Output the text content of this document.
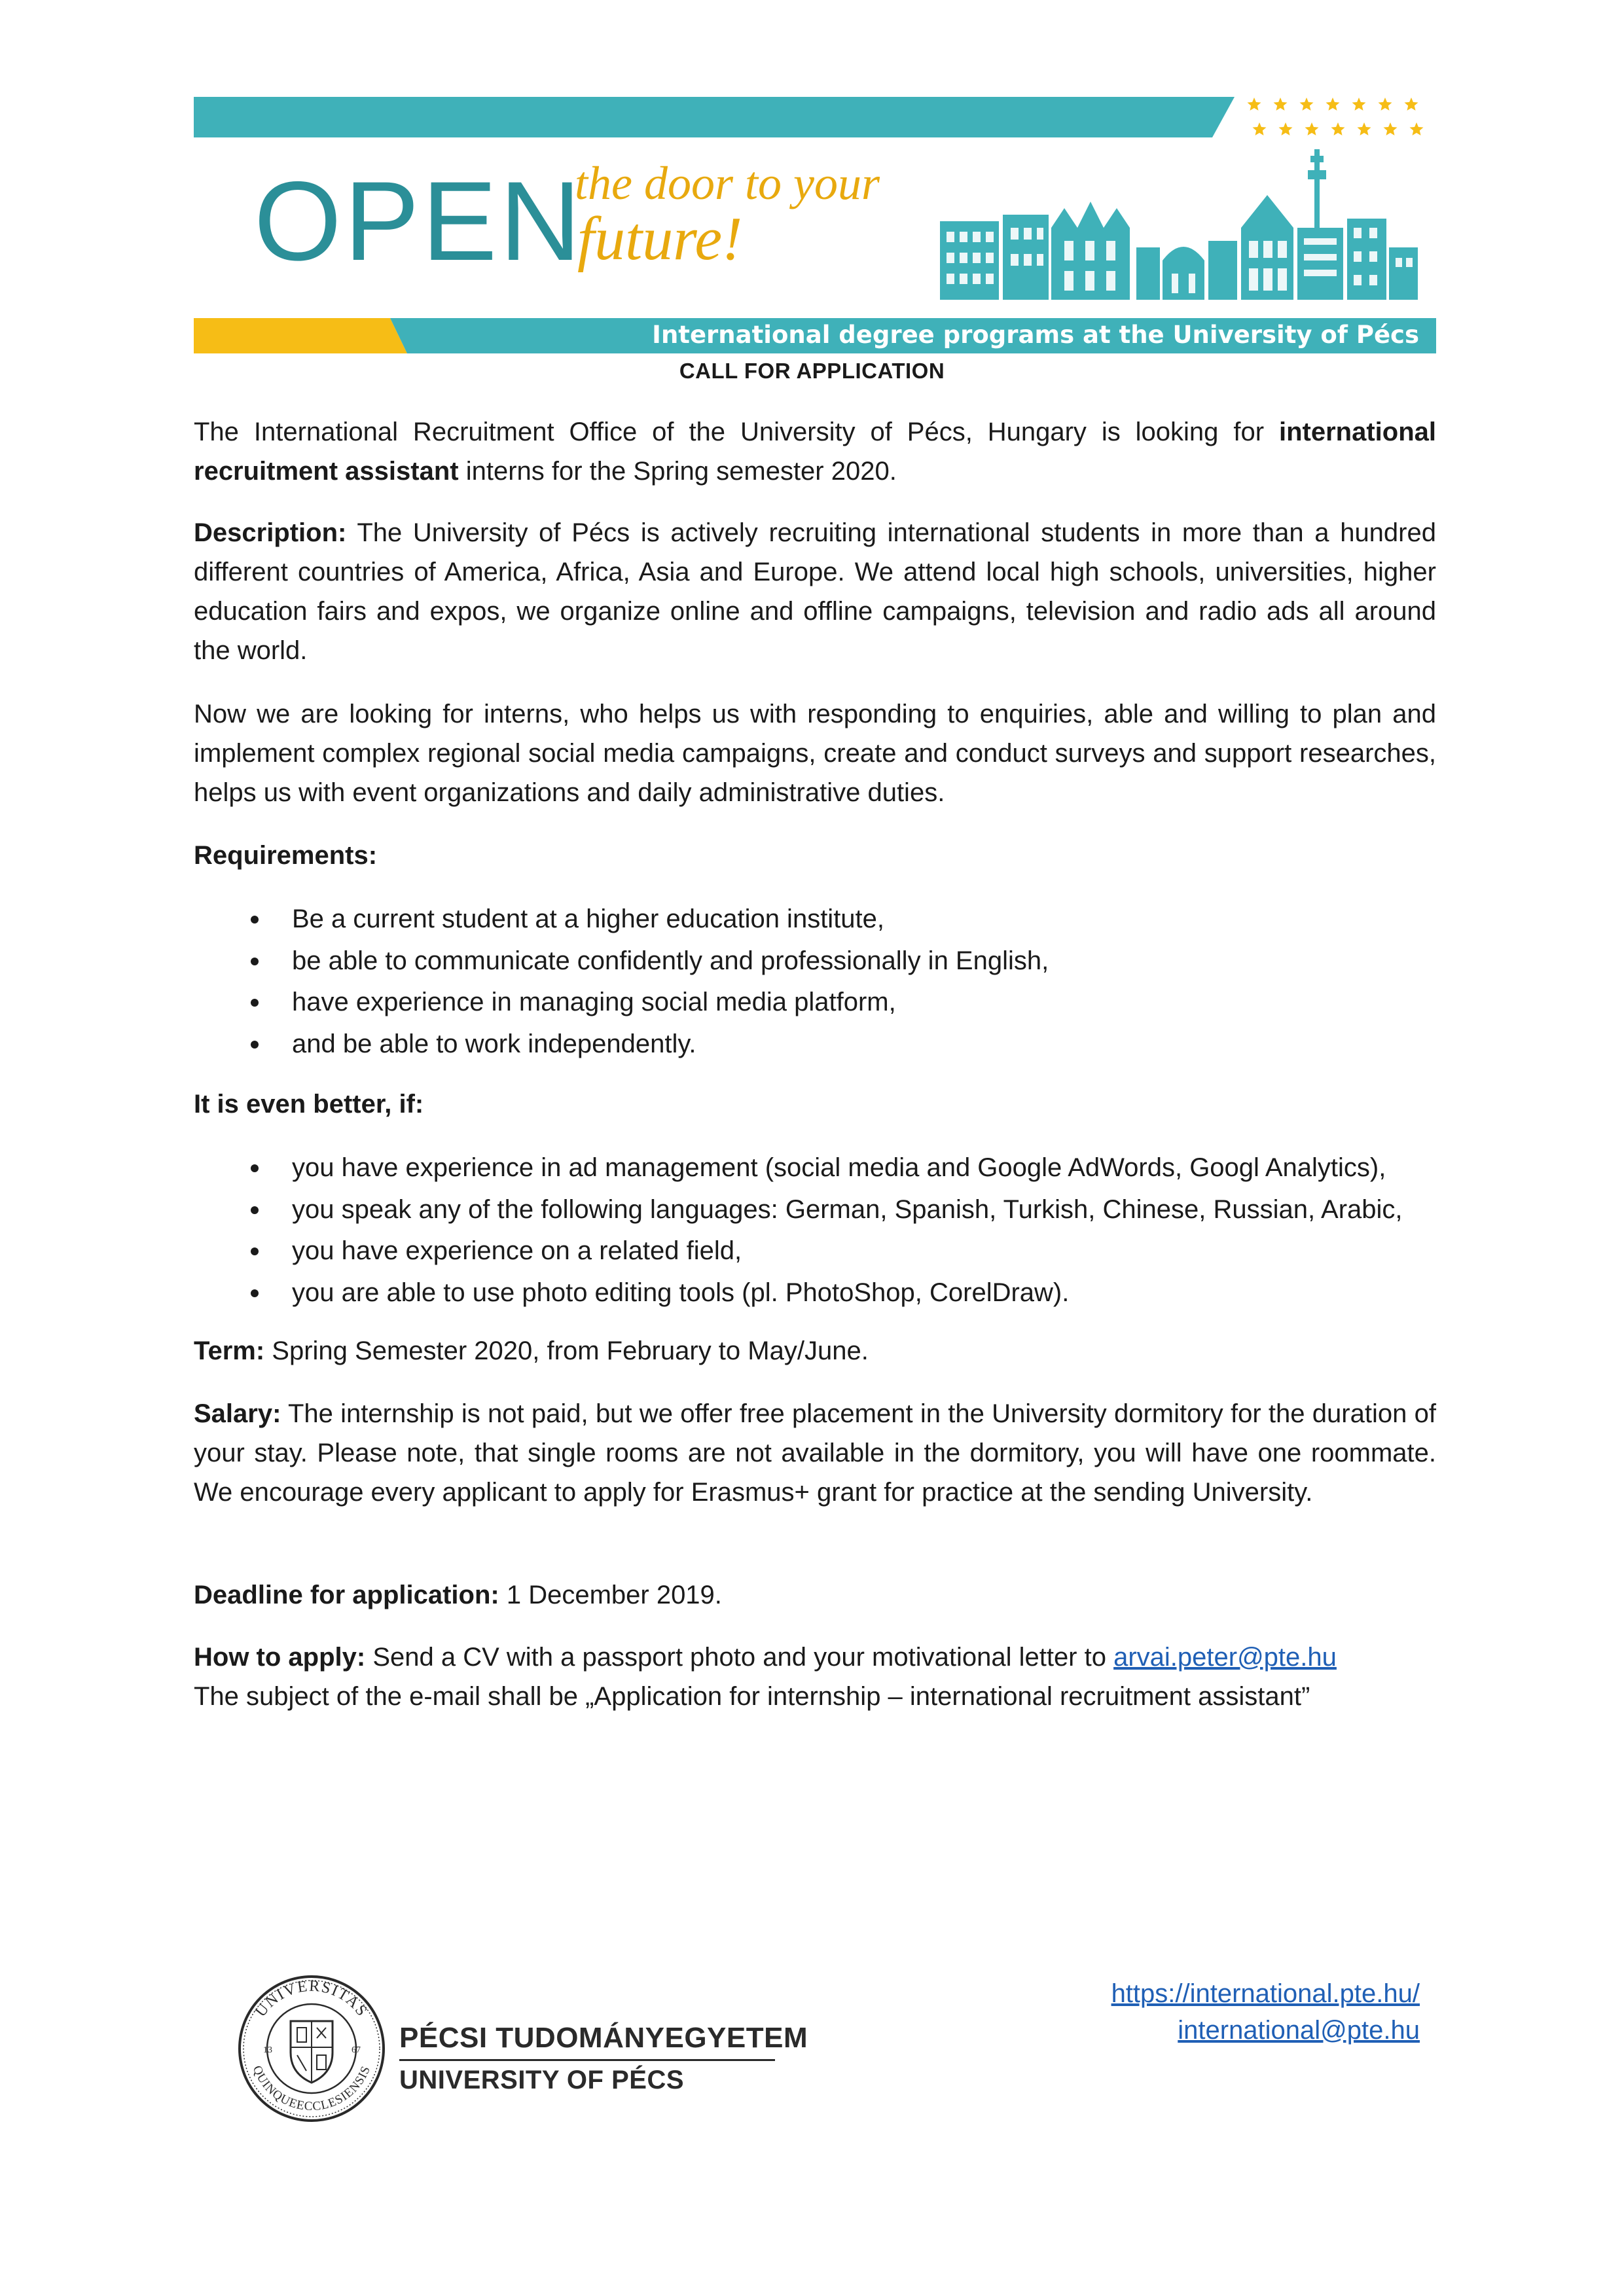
OPEN
the door to your
future!
International degree programs at the University of Pécs
CALL FOR APPLICATION

The International Recruitment Office of the University of Pécs, Hungary is looking for international recruitment assistant interns for the Spring semester 2020.

Description: The University of Pécs is actively recruiting international students in more than a hundred different countries of America, Africa, Asia and Europe. We attend local high schools, universities, higher education fairs and expos, we organize online and offline campaigns, television and radio ads all around the world.

Now we are looking for interns, who helps us with responding to enquiries, able and willing to plan and implement complex regional social media campaigns, create and conduct surveys and support researches, helps us with event organizations and daily administrative duties.

Requirements:

Be a current student at a higher education institute,
be able to communicate confidently and professionally in English,
have experience in managing social media platform,
and be able to work independently.

It is even better, if:

you have experience in ad management (social media and Google AdWords, Googl Analytics),
you speak any of the following languages: German, Spanish, Turkish, Chinese, Russian, Arabic,
you have experience on a related field,
you are able to use photo editing tools (pl. PhotoShop, CorelDraw).

Term: Spring Semester 2020, from February to May/June.

Salary: The internship is not paid, but we offer free placement in the University dormitory for the duration of your stay. Please note, that single rooms are not available in the dormitory, you will have one roommate. We encourage every applicant to apply for Erasmus+ grant for practice at the sending University.

Deadline for application: 1 December 2019.

How to apply: Send a CV with a passport photo and your motivational letter to arvai.peter@pte.hu

The subject of the e-mail shall be „Application for internship – international recruitment assistant”

UNIVERSITAS
QUINQUEECCLESIENSIS
13	67 PÉCSI TUDOMÁNYEGYETEM
UNIVERSITY OF PÉCS
https://international.pte.hu/
international@pte.hu
